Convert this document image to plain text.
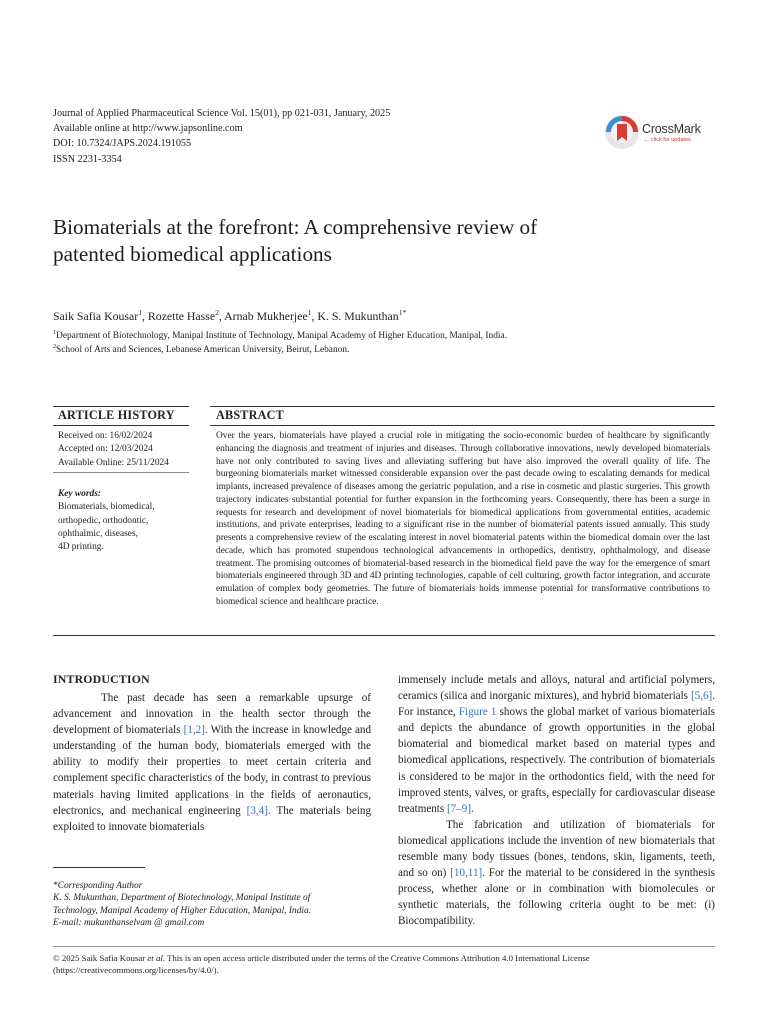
Journal of Applied Pharmaceutical Science Vol. 15(01), pp 021-031, January, 2025
Available online at http://www.japsonline.com
DOI: 10.7324/JAPS.2024.191055
ISSN 2231-3354
CrossMark
← click for updates
Biomaterials at the forefront: A comprehensive review of
patented biomedical applications
Saik Safia Kousar$^1$, Rozette Hasse$^2$, Arnab Mukherjee$^1$, K. S. Mukunthan$^{1*}$
$^1$Department of Biotechnology, Manipal Institute of Technology, Manipal Academy of Higher Education, Manipal, India.
$^2$School of Arts and Sciences, Lebanese American University, Beirut, Lebanon.
ARTICLE HISTORY
Received on: 16/02/2024
Accepted on: 12/03/2024
Available Online: 25/11/2024
Key words:
Biomaterials, biomedical,
orthopedic, orthodontic,
ophthalmic, diseases,
4D printing.
ABSTRACT
Over the years, biomaterials have played a crucial role in mitigating the socio-economic burden of healthcare by significantly enhancing the diagnosis and treatment of injuries and diseases. Through collaborative innovations, newly developed biomaterials have not only contributed to saving lives and alleviating suffering but have also improved the overall quality of life. The burgeoning biomaterials market witnessed considerable expansion over the past decade owing to escalating demands for medical implants, increased prevalence of diseases among the geriatric population, and a rise in cosmetic and plastic surgeries. This growth trajectory indicates substantial potential for further expansion in the forthcoming years. Consequently, there has been a surge in requests for research and development of novel biomaterials for biomedical applications from governmental entities, academic institutions, and private enterprises, leading to a significant rise in the number of biomaterial patents issued annually. This study presents a comprehensive review of the escalating interest in novel biomaterial patents within the biomedical domain over the last decade, which has promoted stupendous technological advancements in orthopedics, dentistry, ophthalmology, and disease treatment. The promising outcomes of biomaterial-based research in the biomedical field pave the way for the emergence of smart biomaterials engineered through 3D and 4D printing technologies, capable of cell culturing, growth factor integration, and accurate emulation of complex body geometries. The future of biomaterials holds immense potential for transformative contributions to biomedical science and healthcare practice.
INTRODUCTION
The past decade has seen a remarkable upsurge of advancement and innovation in the health sector through the development of biomaterials [1,2]. With the increase in knowledge and understanding of the human body, biomaterials emerged with the ability to modify their properties to meet certain criteria and complement specific characteristics of the body, in contrast to previous materials having limited applications in the fields of aeronautics, electronics, and mechanical engineering [3,4]. The materials being exploited to innovate biomaterials
immensely include metals and alloys, natural and artificial polymers, ceramics (silica and inorganic mixtures), and hybrid biomaterials [5,6]. For instance, Figure 1 shows the global market of various biomaterials and depicts the abundance of growth opportunities in the global biomaterial and biomedical market based on material types and biomedical applications, respectively. The contribution of biomaterials is considered to be major in the orthodontics field, with the need for improved stents, valves, or grafts, especially for cardiovascular disease treatments [7–9].
The fabrication and utilization of biomaterials for biomedical applications include the invention of new biomaterials that resemble many body tissues (bones, tendons, skin, ligaments, teeth, and so on) [10,11]. For the material to be considered in the synthesis process, whether alone or in combination with biomolecules or synthetic materials, the following criteria ought to be met: (i) Biocompatibility.
*Corresponding Author
K. S. Mukunthan, Department of Biotechnology, Manipal Institute of
Technology, Manipal Academy of Higher Education, Manipal, India.
E-mail: mukunthanselvam @ gmail.com
© 2025 Saik Safia Kousar et al. This is an open access article distributed under the terms of the Creative Commons Attribution 4.0 International License (https://creativecommons.org/licenses/by/4.0/).
